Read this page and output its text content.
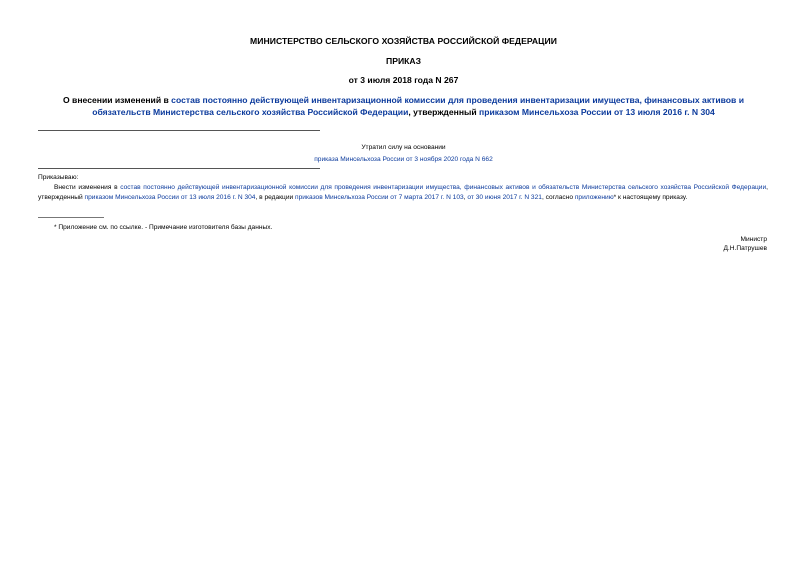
МИНИСТЕРСТВО СЕЛЬСКОГО ХОЗЯЙСТВА РОССИЙСКОЙ ФЕДЕРАЦИИ
ПРИКАЗ
от 3 июля 2018 года N 267
О внесении изменений в состав постоянно действующей инвентаризационной комиссии для проведения инвентаризации имущества, финансовых активов и обязательств Министерства сельского хозяйства Российской Федерации, утвержденный приказом Минсельхоза России от 13 июля 2016 г. N 304
Утратил силу на основании
приказа Минсельхоза России от 3 ноября 2020 года N 662
Приказываю:
Внести изменения в состав постоянно действующей инвентаризационной комиссии для проведения инвентаризации имущества, финансовых активов и обязательств Министерства сельского хозяйства Российской Федерации, утвержденный приказом Минсельхоза России от 13 июля 2016 г. N 304, в редакции приказов Минсельхоза России от 7 марта 2017 г. N 103, от 30 июня 2017 г. N 321, согласно приложению* к настоящему приказу.
* Приложение см. по ссылке. - Примечание изготовителя базы данных.
Министр
Д.Н.Патрушев
